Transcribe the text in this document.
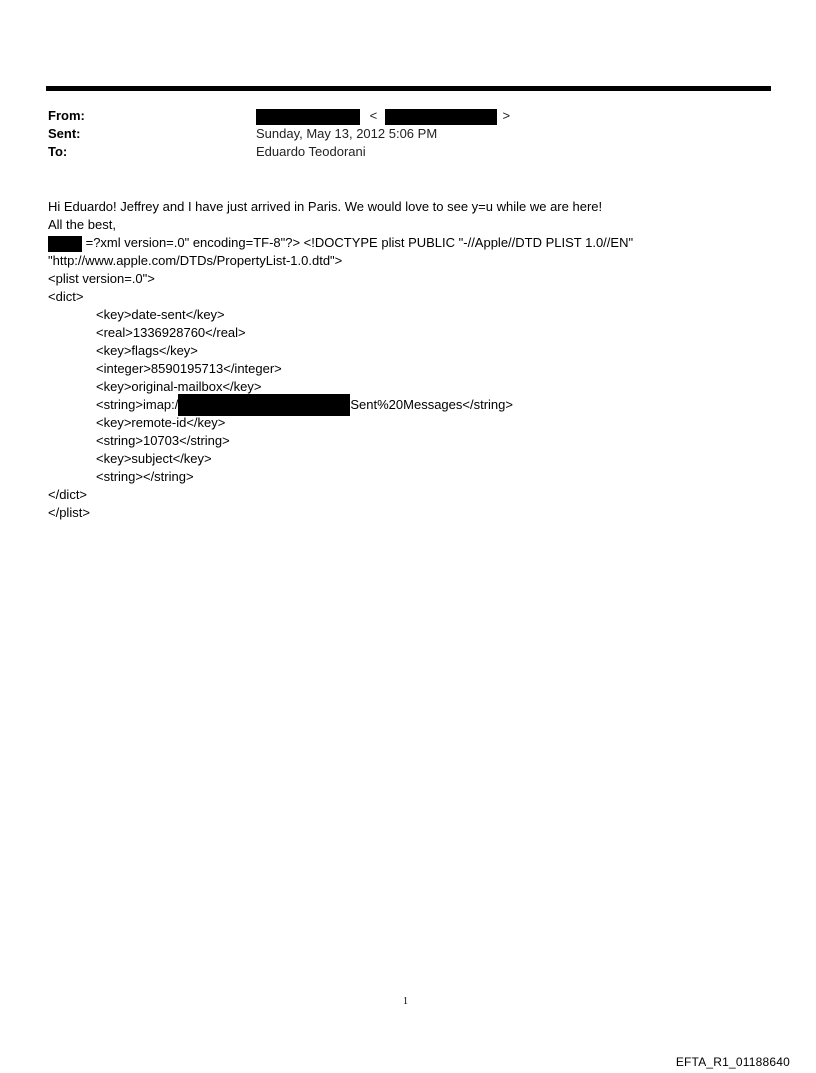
From:	<	>
Sent:	Sunday, May 13, 2012 5:06 PM
To:	Eduardo Teodorani
Hi Eduardo! Jeffrey and I have just arrived in Paris. We would love to see y=u while we are here!
All the best,
=?xml version=.0" encoding=TF-8"?> <!DOCTYPE plist PUBLIC "-//Apple//DTD PLIST 1.0//EN"
"http://www.apple.com/DTDs/PropertyList-1.0.dtd">
<plist version=.0">
<dict>
<key>date-sent</key>
<real>1336928760</real>
<key>flags</key>
<integer>8590195713</integer>
<key>original-mailbox</key>
<string>imap:/	Sent%20Messages</string>
<key>remote-id</key>
<string>10703</string>
<key>subject</key>
<string></string>
</dict>
</plist>
1
EFTA_R1_01188640
